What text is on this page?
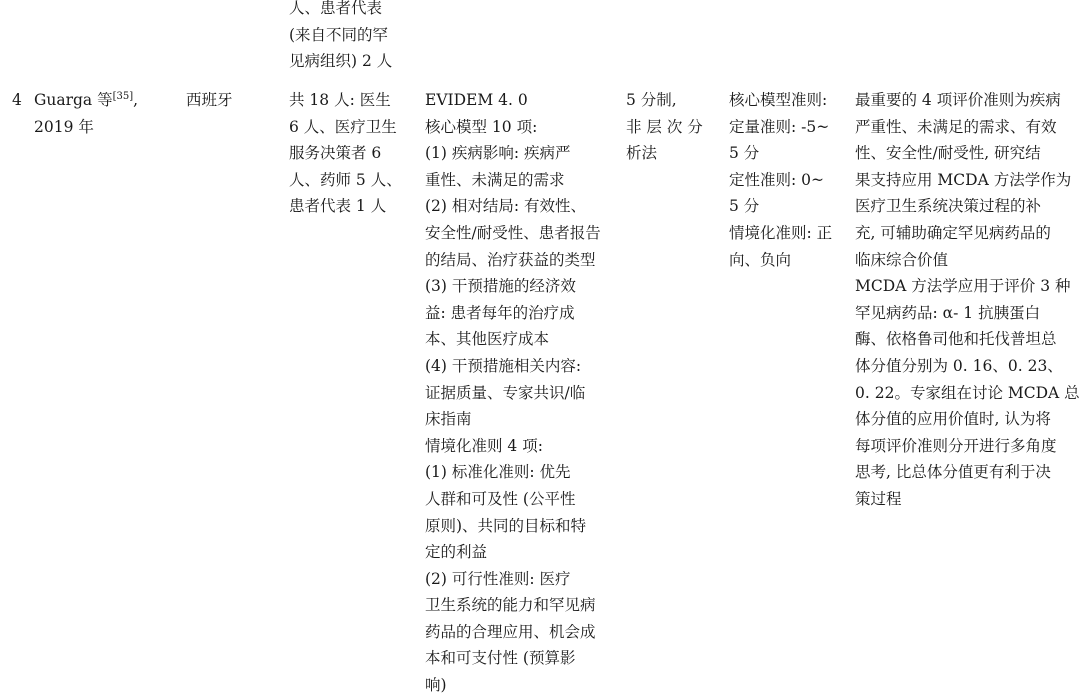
人、患者代表
(来自不同的罕
见病组织) 2 人
4 Guarga 等[35],
2019 年
西班牙	共 18 人: 医生
6 人、医疗卫生
服务决策者 6
人、药师 5 人、
患者代表 1 人
EVIDEM 4. 0
核心模型 10 项:
(1) 疾病影响: 疾病严
重性、未满足的需求
(2) 相对结局: 有效性、
安全性/耐受性、患者报告
的结局、治疗获益的类型
(3) 干预措施的经济效
益: 患者每年的治疗成
本、其他医疗成本
(4) 干预措施相关内容:
证据质量、专家共识/临
床指南
情境化准则 4 项:
(1) 标准化准则: 优先
人群和可及性 (公平性
原则)、共同的目标和特
定的利益
(2) 可行性准则: 医疗
卫生系统的能力和罕见病
药品的合理应用、机会成
本和可支付性 (预算影
响)
5 分制,
非 层 次 分
析法
核心模型准则:
定量准则: -5~
5 分
定性准则: 0~
5 分
情境化准则: 正
向、负向
最重要的 4 项评价准则为疾病
严重性、未满足的需求、有效
性、安全性/耐受性, 研究结
果支持应用 MCDA 方法学作为
医疗卫生系统决策过程的补
充, 可辅助确定罕见病药品的
临床综合价值
MCDA 方法学应用于评价 3 种
罕见病药品: α- 1 抗胰蛋白
酶、依格鲁司他和托伐普坦总
体分值分别为 0. 16、0. 23、
0. 22。专家组在讨论 MCDA 总
体分值的应用价值时, 认为将
每项评价准则分开进行多角度
思考, 比总体分值更有利于决
策过程
